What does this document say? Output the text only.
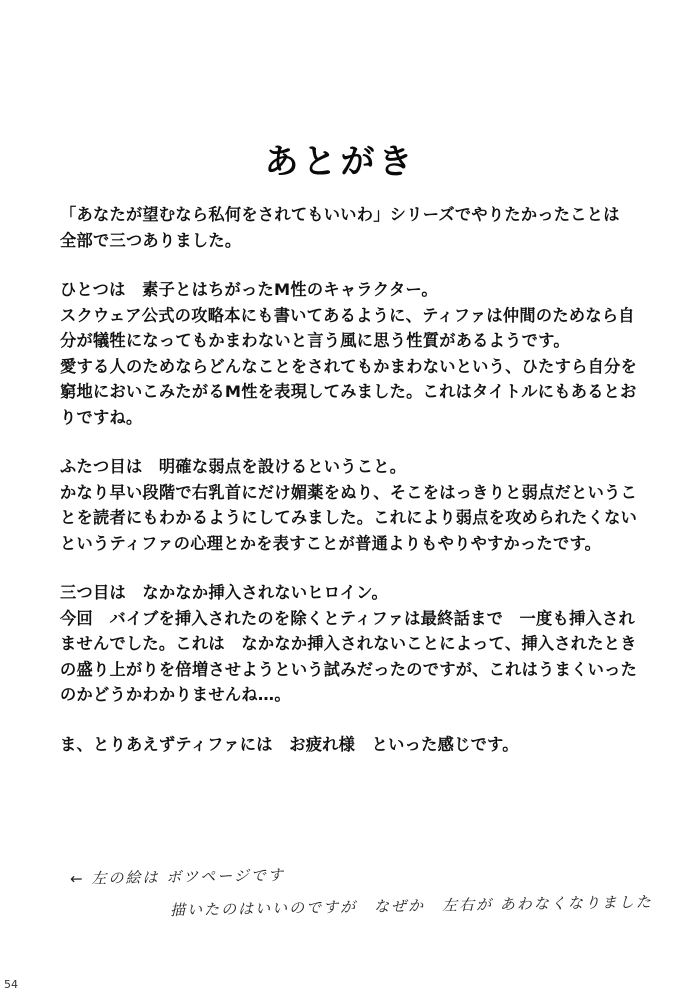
あとがき
「あなたが望むなら私何をされてもいいわ」シリーズでやりたかったことは
全部で三つありました。
ひとつは　素子とはちがったM性のキャラクター。
スクウェア公式の攻略本にも書いてあるように、ティファは仲間のためなら自
分が犠牲になってもかまわないと言う風に思う性質があるようです。
愛する人のためならどんなことをされてもかまわないという、ひたすら自分を
窮地においこみたがるM性を表現してみました。これはタイトルにもあるとお
りですね。
ふたつ目は　明確な弱点を設けるということ。
かなり早い段階で右乳首にだけ媚薬をぬり、そこをはっきりと弱点だというこ
とを読者にもわかるようにしてみました。これにより弱点を攻められたくない
というティファの心理とかを表すことが普通よりもやりやすかったです。
三つ目は　なかなか挿入されないヒロイン。
今回　バイブを挿入されたのを除くとティファは最終話まで　一度も挿入され
ませんでした。これは　なかなか挿入されないことによって、挿入されたとき
の盛り上がりを倍増させようという試みだったのですが、これはうまくいった
のかどうかわかりませんね…。
ま、とりあえずティファには　お疲れ様　といった感じです。
← 左の絵は ボツページです
描いたのはいいのですが　なぜか　左右が あわなくなりました
54
